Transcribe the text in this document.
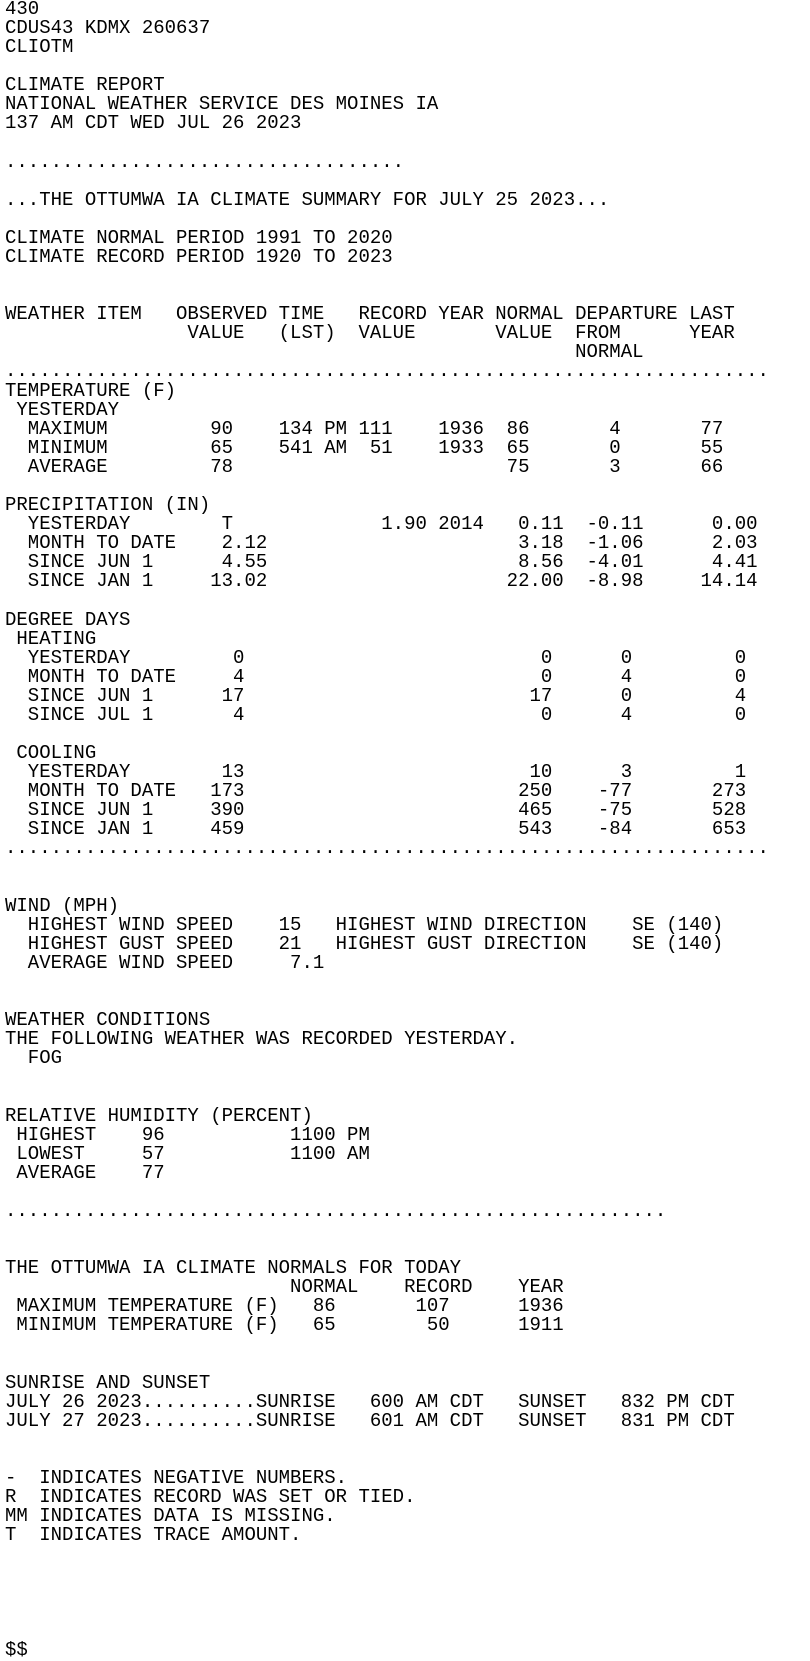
430
CDUS43 KDMX 260637
CLIOTM
CLIMATE REPORT
NATIONAL WEATHER SERVICE DES MOINES IA
137 AM CDT WED JUL 26 2023
...................................
...THE OTTUMWA IA CLIMATE SUMMARY FOR JULY 25 2023...
CLIMATE NORMAL PERIOD 1991 TO 2020
CLIMATE RECORD PERIOD 1920 TO 2023
WEATHER ITEM   OBSERVED TIME   RECORD YEAR NORMAL DEPARTURE LAST
VALUE   (LST)  VALUE       VALUE  FROM      YEAR
NORMAL
...................................................................
TEMPERATURE (F)
YESTERDAY
MAXIMUM         90    134 PM 111    1936  86       4       77
MINIMUM         65    541 AM  51    1933  65       0       55
AVERAGE         78                        75       3       66
PRECIPITATION (IN)
YESTERDAY        T             1.90 2014   0.11  -0.11      0.00
MONTH TO DATE    2.12                      3.18  -1.06      2.03
SINCE JUN 1      4.55                      8.56  -4.01      4.41
SINCE JAN 1     13.02                     22.00  -8.98     14.14
DEGREE DAYS
HEATING
YESTERDAY         0                          0      0         0
MONTH TO DATE     4                          0      4         0
SINCE JUN 1      17                         17      0         4
SINCE JUL 1       4                          0      4         0
COOLING
YESTERDAY        13                         10      3         1
MONTH TO DATE   173                        250    -77       273
SINCE JUN 1     390                        465    -75       528
SINCE JAN 1     459                        543    -84       653
...................................................................
WIND (MPH)
HIGHEST WIND SPEED    15   HIGHEST WIND DIRECTION    SE (140)
HIGHEST GUST SPEED    21   HIGHEST GUST DIRECTION    SE (140)
AVERAGE WIND SPEED     7.1
WEATHER CONDITIONS
THE FOLLOWING WEATHER WAS RECORDED YESTERDAY.
FOG
RELATIVE HUMIDITY (PERCENT)
HIGHEST    96           1100 PM
LOWEST     57           1100 AM
AVERAGE    77
..........................................................
THE OTTUMWA IA CLIMATE NORMALS FOR TODAY
NORMAL    RECORD    YEAR
MAXIMUM TEMPERATURE (F)   86       107      1936
MINIMUM TEMPERATURE (F)   65        50      1911
SUNRISE AND SUNSET
JULY 26 2023..........SUNRISE   600 AM CDT   SUNSET   832 PM CDT
JULY 27 2023..........SUNRISE   601 AM CDT   SUNSET   831 PM CDT
-  INDICATES NEGATIVE NUMBERS.
R  INDICATES RECORD WAS SET OR TIED.
MM INDICATES DATA IS MISSING.
T  INDICATES TRACE AMOUNT.
$$
